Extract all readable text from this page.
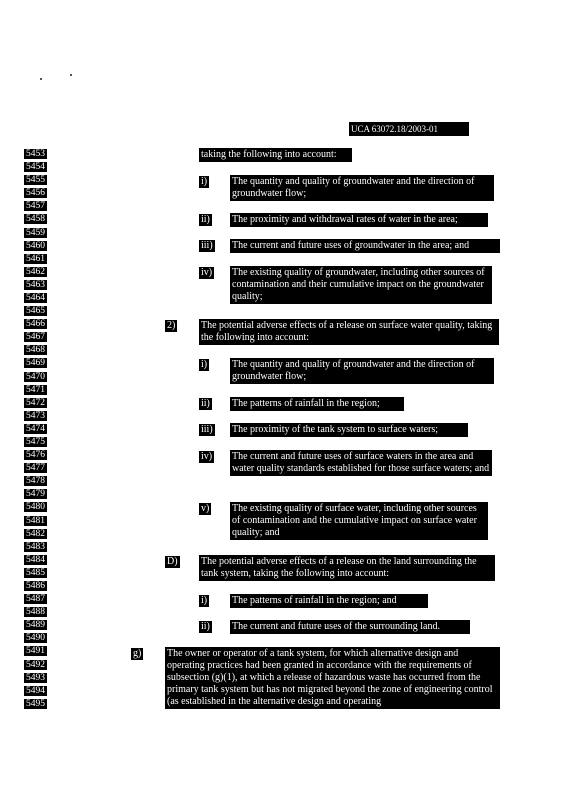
UCA 63072.18/2003-01
5453
5454
5455
5456
5457
5458
5459
5460
5461
5462
5463
5464
5465
5466
5467
5468
5469
5470
5471
5472
5473
5474
5475
5476
5477
5478
5479
5480
5481
5482
5483
5484
5485
5486
5487
5488
5489
5490
5491
5492
5493
5494
5495
taking the following into account:
i) The quantity and quality of groundwater and the direction of groundwater flow;
ii) The proximity and withdrawal rates of water in the area;
iii) The current and future uses of groundwater in the area; and
iv) The existing quality of groundwater, including other sources of contamination and their cumulative impact on the groundwater quality;
2)	The potential adverse effects of a release on surface water quality, taking the following into account:
i) The quantity and quality of groundwater and the direction of groundwater flow;
ii) The patterns of rainfall in the region;
iii) The proximity of the tank system to surface waters;
iv) The current and future uses of surface waters in the area and water quality standards established for those surface waters; and
v) The existing quality of surface water, including other sources of contamination and the cumulative impact on surface water quality; and
D) The potential adverse effects of a release on the land surrounding the tank system, taking the following into account:
i) The patterns of rainfall in the region; and
ii) The current and future uses of the surrounding land.
g)	The owner or operator of a tank system, for which alternative design and operating practices had been granted in accordance with the requirements of subsection (g)(1), at which a release of hazardous waste has occurred from the primary tank system but has not migrated beyond the zone of engineering control (as established in the alternative design and operating
